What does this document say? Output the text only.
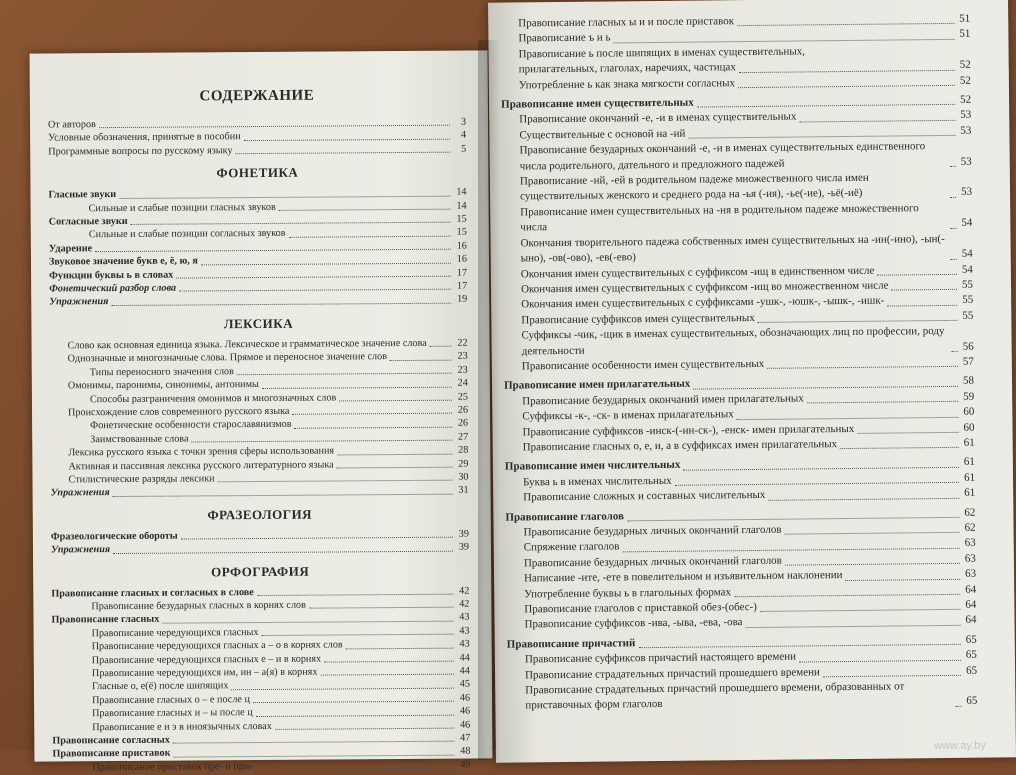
СОДЕРЖАНИЕ
От авторов	3
Условные обозначения, принятые в пособии	4
Программные вопросы по русскому языку	5
ФОНЕТИКА
Гласные звуки	14
Сильные и слабые позиции гласных звуков	14
Согласные звуки	15
Сильные и слабые позиции согласных звуков	15
Ударение	16
Звуковое значение букв е, ё, ю, я	16
Функции буквы ь в словах	17
Фонетический разбор слова	17
Упражнения	19
ЛЕКСИКА
Слово как основная единица языка. Лексическое и грамматическое значение слова	22
Однозначные и многозначные слова. Прямое и переносное значение слов	23
Типы переносного значения слов	23
Омонимы, паронимы, синонимы, антонимы	24
Способы разграничения омонимов и многозначных слов	25
Происхождение слов современного русского языка	26
Фонетические особенности старославянизмов	26
Заимствованные слова	27
Лексика русского языка с точки зрения сферы использования	28
Активная и пассивная лексика русского литературного языка	29
Стилистические разряды лексики	30
Упражнения	31
ФРАЗЕОЛОГИЯ
Фразеологические обороты	39
Упражнения	39
ОРФОГРАФИЯ
Правописание гласных и согласных в слове	42
Правописание безударных гласных в корнях слов	42
Правописание гласных	43
Правописание чередующихся гласных	43
Правописание чередующихся гласных а – о в корнях слов	43
Правописание чередующихся гласных е – и в корнях	44
Правописание чередующихся им, ин – а(я) в корнях	44
Гласные о, е(ё) после шипящих	45
Правописание гласных о – е после ц	46
Правописание гласных и – ы после ц	46
Правописание е и э в иноязычных словах	46
Правописание согласных	47
Правописание приставок	48
Правописание приставок пре- и при-	49
Правописание гласных ы и и после приставок	51
Правописание ъ и ь	51
Правописание ь после шипящих в именах существительных,
прилагательных, глаголах, наречиях, частицах	52
Употребление ь как знака мягкости согласных	52
Правописание имен существительных	52
Правописание окончаний -е, -и в именах существительных	53
Существительные с основой на -ий	53
Правописание безударных окончаний -е, -и в именах существительных единственного числа родительного, дательного и предложного падежей	53
Правописание -ий, -ей в родительном падеже множественного числа имен существительных женского и среднего рода на -ья (-ия), -ье(-ие), -ьё(-иё)	53
Правописание имен существительных на -ня в родительном падеже множественного числа	54
Окончания творительного падежа собственных имен существительных на -ин(-ино), -ын(-ыно), -ов(-ово), -ев(-ево)	54
Окончания имен существительных с суффиксом -ищ в единственном числе	54
Окончания имен существительных с суффиксом -ищ во множественном числе	55
Окончания имен существительных с суффиксами -ушк-, -юшк-, -ышк-, -ишк-	55
Правописание суффиксов имен существительных	55
Суффиксы -чик, -щик в именах существительных, обозначающих лиц по профессии, роду деятельности	56
Правописание особенности имен существительных	57
Правописание имен прилагательных	58
Правописание безударных окончаний имен прилагательных	59
Суффиксы -к-, -ск- в именах прилагательных	60
Правописание суффиксов -инск-(-ин-ск-), -енск- имен прилагательных	60
Правописание гласных о, е, и, а в суффиксах имен прилагательных	61
Правописание имен числительных	61
Буква ь в именах числительных	61
Правописание сложных и составных числительных	61
Правописание глаголов	62
Правописание безударных личных окончаний глаголов	62
Спряжение глаголов	63
Правописание безударных личных окончаний глаголов	63
Написание -ите, -ете в повелительном и изъявительном наклонении	63
Употребление буквы ь в глагольных формах	64
Правописание глаголов с приставкой обез-(обес-)	64
Правописание суффиксов -ива, -ыва, -ева, -ова	64
Правописание причастий	65
Правописание суффиксов причастий настоящего времени	65
Правописание страдательных причастий прошедшего времени	65
Правописание страдательных причастий прошедшего времени, образованных от приставочных форм глаголов	65
www.ay.by
